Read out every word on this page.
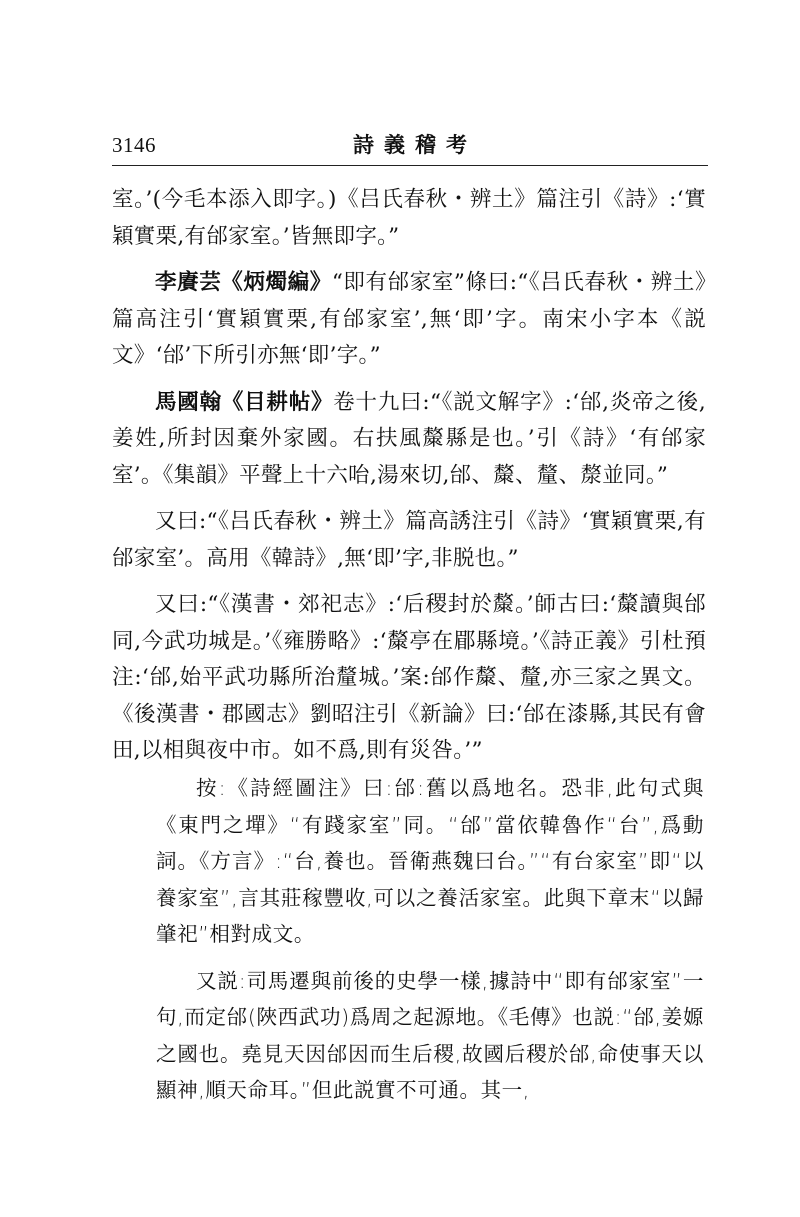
3146	詩義稽考

室。’(今毛本添入即字。)《吕氏春秋・辨土》篇注引《詩》:‘實穎實栗,有邰家室。’皆無即字。”

李賡芸《炳燭編》“即有邰家室”條曰:“《吕氏春秋・辨土》篇高注引‘實穎實栗,有邰家室’,無‘即’字。南宋小字本《説文》‘邰’下所引亦無‘即’字。”

馬國翰《目耕帖》卷十九曰:“《説文解字》:‘邰,炎帝之後,姜姓,所封因棄外家國。右扶風斄縣是也。’引《詩》‘有邰家室’。《集韻》平聲上十六咍,湯來切,邰、斄、釐、漦並同。”

又曰:“《吕氏春秋・辨土》篇高誘注引《詩》‘實穎實栗,有邰家室’。高用《韓詩》,無‘即’字,非脱也。”

又曰:“《漢書・郊祀志》:‘后稷封於斄。’師古曰:‘斄讀與邰同,今武功城是。’《雍勝略》:‘斄亭在郿縣境。’《詩正義》引杜預注:‘邰,始平武功縣所治釐城。’案:邰作斄、釐,亦三家之異文。《後漢書・郡國志》劉昭注引《新論》曰:‘邰在漆縣,其民有會田,以相與夜中市。如不爲,則有災咎。’”

按:《詩經圖注》曰:邰:舊以爲地名。恐非,此句式與《東門之墠》“有踐家室”同。“邰”當依韓魯作“台”,爲動詞。《方言》:“台,養也。晉衛燕魏曰台。”“有台家室”即“以養家室”,言其莊稼豐收,可以之養活家室。此與下章末“以歸肇祀”相對成文。

又説:司馬遷與前後的史學一樣,據詩中“即有邰家室”一句,而定邰(陜西武功)爲周之起源地。《毛傳》也説:“邰,姜嫄之國也。堯見天因邰因而生后稷,故國后稷於邰,命使事天以顯神,順天命耳。”但此説實不可通。其一,
